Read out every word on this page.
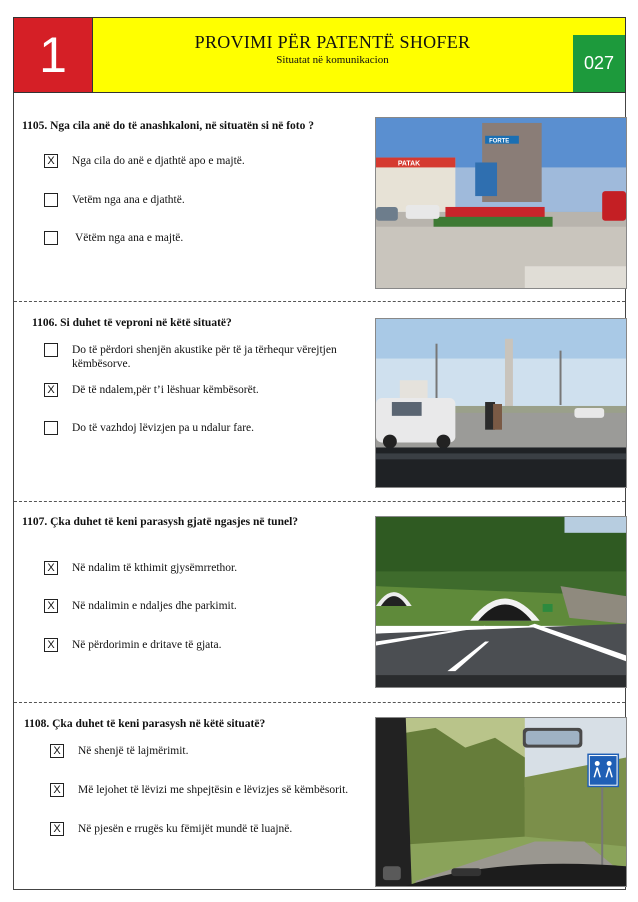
1	PROVIMI PËR PATENTË SHOFER
Situatat në komunikacion	027
1105. Nga cila anë do të anashkaloni, në situatën si në foto ?
X Nga cila do anë e djathtë apo e majtë.
Vetëm nga ana e djathtë.
Vëtëm nga ana e majtë.
PATAK
FORTE
1106. Si duhet të veproni në këtë situatë?
Do të përdori shenjën akustike për të ja tërhequr vërejtjen këmbësorve.
X Dë të ndalem,për t’i lëshuar këmbësorët.
Do të vazhdoj lëvizjen pa u ndalur fare.
1107. Çka duhet të keni parasysh gjatë ngasjes në tunel?
X Në ndalim të kthimit gjysëmrrethor.
X Në ndalimin e ndaljes dhe parkimit.
X Në përdorimin e dritave të gjata.
1108. Çka duhet të keni parasysh në këtë situatë?
X Në shenjë të lajmërimit.
X Më lejohet të lëvizi me shpejtësin e lëvizjes së këmbësorit.
X Në pjesën e rrugës ku fëmijët mundë të luajnë.
